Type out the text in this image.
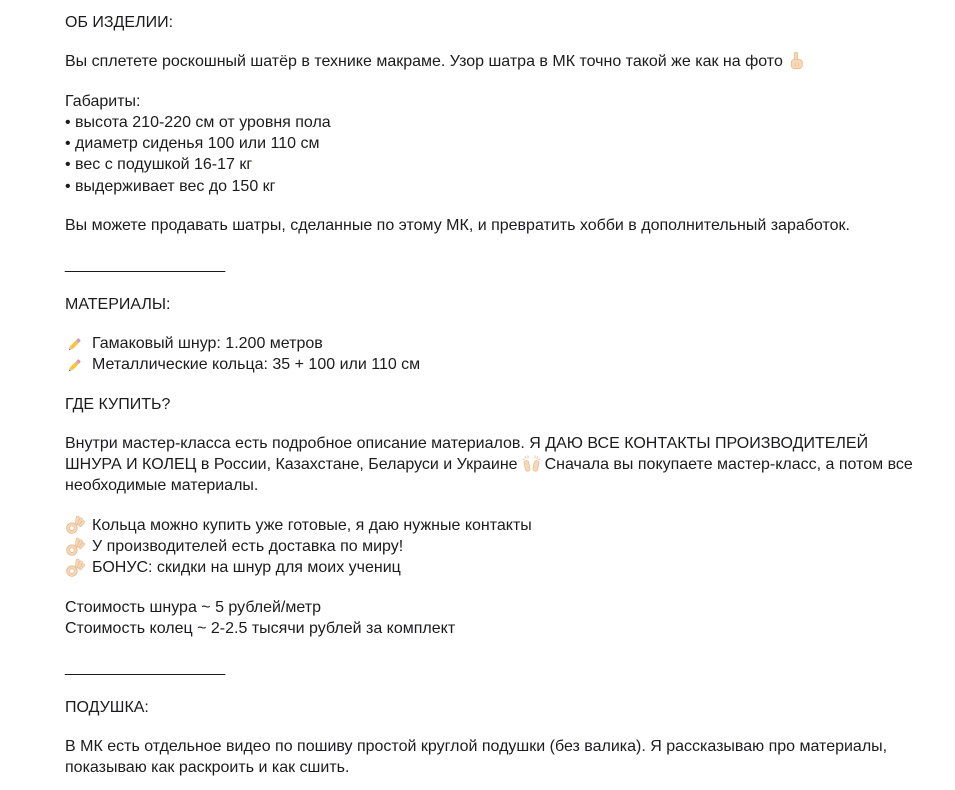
ОБ ИЗДЕЛИИ:

Вы сплетете роскошный шатёр в технике макраме. Узор шатра в МК точно такой же как на фото

Габариты:

• высота 210-220 см от уровня пола

• диаметр сиденья 100 или 110 см

• вес с подушкой 16-17 кг

• выдерживает вес до 150 кг

Вы можете продавать шатры, сделанные по этому МК, и превратить хобби в дополнительный заработок.

__________________

МАТЕРИАЛЫ:

Гамаковый шнур: 1.200 метров
Металлические кольца: 35 + 100 или 110 см

ГДЕ КУПИТЬ?

Внутри мастер-класса есть подробное описание материалов. Я ДАЮ ВСЕ КОНТАКТЫ ПРОИЗВОДИТЕЛЕЙ ШНУРА И КОЛЕЦ в России, Казахстане, Беларуси и Украине Сначала вы покупаете мастер-класс, а потом все необходимые материалы.

Кольца можно купить уже готовые, я даю нужные контакты
У производителей есть доставка по миру!
БОНУС: скидки на шнур для моих учениц

Стоимость шнура ~ 5 рублей/метр

Стоимость колец ~ 2-2.5 тысячи рублей за комплект

__________________

ПОДУШКА:

В МК есть отдельное видео по пошиву простой круглой подушки (без валика). Я рассказываю про материалы, показываю как раскроить и как сшить.
